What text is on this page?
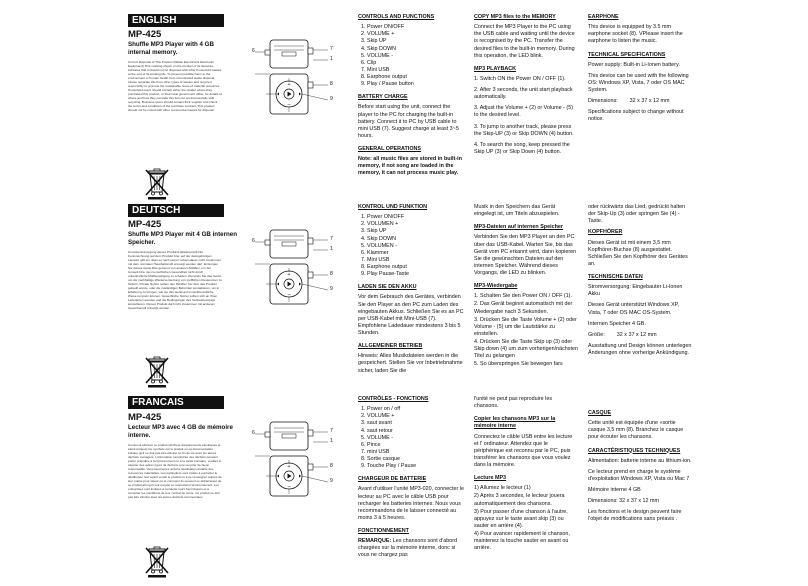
ENGLISH
MP-425
Shuffle MP3 Player with 4 GB internal memory.
Correct Disposal of This Product (Waste Electrical & Electronic Equipment) This marking shown on the product or its literature, indicates that it should not be disposed with other household wastes at the end of its working life. To prevent possible harm to the environment or human health from uncontrolled waste disposal, please separate this from other types of wastes and recycle it responsibly to promote the sustainable reuse of material resources. Household users should contact either the retailer where they purchased this product, or their local government office, for details of where and how they can take this item for environmentally safe recycling. Business users should contact their supplier and check the terms and conditions of the purchase contract. This product should not be mixed with other commercial wastes for disposal.
6	7
1
8
9
CONTROLS AND FUNCTIONS
1. Power ON/OFF
2. VOLUME +
3. Skip UP
4. Skip DOWN
5. VOLUME -
6. Clip
7. Mini USB
8. Earphone output
9. Play / Pause button
BATTERY CHARGE

Before start using the unit, connect the player to the PC for charging the built-in battery. Connect it to PC by USB cable to mini USB (7). Suggest charge at least 3~5 hours.

GENERAL OPERATIONS

Note: all music files are stored in built-in memory, if not song are loaded in the memory, it can not process music play.

COPY MP3 files to the MEMORY

Connect the MP3 Player to the PC using the USB cable and waiting until the device is recognised by the PC. Transfer the desired files to the built-in memory. During this operation, the LED blink.

MP3 PLAYBACK

1. Switch ON the Power ON / OFF (1).

2. After 3 seconds, the unit start playback automatically.

3. Adjust the Volume + (2) or Volume - (5) to the desired level.

3. To jump to another track, please press the Skip-UP (3) or Skip DOWN (4) button.

4. To search the song, keep pressed the Skip UP (3) or Skip Down (4) button.

EARPHONE

This device is equipped by 3.5 mm earphone socket (8). VPlease insert the earphone to listen the music.

TECHNICAL SPECIFICATIONS

Power supply: Built-in Li-Ionen battery.

This device can be used with the following OS: Windows XP, Vista, 7 oder OS MAC System.

Dimensions:        32 x 37 x 12 mm

Specifications subject to change without notice.

DEUTSCH
MP-425
Shuffle MP3 Player mit 4 GB internen Speicher.
Korrekte Entsorgung dieses Produkts (Elektromüll) Die Kennzeichnung auf dem Produkt bzw. auf der dazugehörigen Literatur gibt an, dass es nach seiner Lebensdauer nicht zusammen mit dem normalen Haushaltsmüll entsorgt werden darf. Entsorgen Sie dieses Gerät bitte getrennt von anderen Abfällen, um der Umwelt bzw. der menschlichen Gesundheit nicht durch unkontrollierte Müllbeseitigung zu schaden. Recyceln Sie das Gerät, um die nachhaltige Wiederverwertung von stofflichen Ressourcen zu fördern. Private Nutzer sollten den Händler, bei dem das Produkt gekauft wurde, oder die zuständigen Behörden kontaktieren, um in Erfahrung zu bringen, wie sie das Gerät auf umweltfreundliche Weise recyceln können. Gewerbliche Nutzer sollten sich an Ihren Lieferanten wenden und die Bedingungen des Verkaufsvertrags konsultieren. Dieses Produkt darf nicht zusammen mit anderem Gewerbemüll entsorgt werden.
6	7
1
8
9
KONTROL UND FUNKTION
1. Power ON/OFF
2. VOLUMEN +
3. Skip UP
4. Skip DOWN
5. VOLUMEN -
6. Klammer
7. Mini USB
8. Earphone output
9. Play Pause-Taste
LADEN SIE DEN AKKU

Vor dem Gebrauch des Gerätes, verbinden Sie den Player an den PC zum Laden des eingebauten Akkus. Schließen Sie es an PC per USB-Kabel mit Mini-USB (7). Empfohlene Ladedauer mindestens 3 bis 5 Stunden.

ALLGEMEINER BETRIEB

Hinweis: Alles Musikdateien werden in die gespeichert. Stellen Sie vor Inbetriebnahme sicher, laden Sie die

Musik in den Speichern das Gerät eingelegt ist, um Titeln abzuspielen.

MP3-Dateien auf internen Speicher

Verbinden Sie den MP3 Player an den PC über das USB-Kabel. Warten Sie, bis das Gerät vom PC erkannt wird, dann kopieren Sie die gewünschten Dateien auf den internen Speicher. Während dieses Vorgangs, die LED zu blinken.

MP3-Wiedergabe

1. Schalten Sie den Power ON / OFF (1).

2. Das Gerät beginnt automatisch mit der Wiedergabe nach 3 Sekunden.

3. Drücken Sie die Taste Volume + (2) oder Volume - (5) um die Lautstärke zu einstellen.

4. Drücken Sie die Taste Skip up (3) oder Skip down (4) um zum vorherigen/nächsten Titel zu gelangen

5. So überspringen Sie bewegen fars

oder rückwärts das Lied, gedrückt halten der Skip-Up (3) oder springen Sie (4) -Taste.

KOPFHÖRER

Dieses Gerät ist mit einem 3,5 mm Kopfhörer-Buchse (8) ausgestattet. Schließen Sie den Kopfhörer des Gerätes an.

TECHNISCHE DATEN

Stromversorgung: Eingebauter Li-Ionen Akku

Dieses Gerät unterstützt Windows XP, Vista, 7 oder OS MAC OS-System.

Internen Speicher 4 GB.

Größe:        32 x 37 x 12 mm

Ausstattung und Design können unterlegen Änderungen ohne vorherige Ankündigung.

FRANCAIS
MP-425
Lecteur MP3 avec 4 GB de mémoire interne.
Comment éliminer ce produit (déchets d'équipements électriques et électroniques) Ce symbole sur le produit ou sa documentation indique qu'il ne doit pas être éliminé en fin de vie avec les autres déchets ménagers. L'élimination incontrôlée des déchets pouvant porter préjudice à l'environnement ou à la santé humaine, veuillez le séparer des autres types de déchets et le recycler de façon responsable. Vous favoriserez ainsi la réutilisation durable des ressources matérielles. Les particuliers sont invités à contacter le distributeur leur ayant vendu le produit ou à se renseigner auprès de leur mairie pour savoir où et comment ils peuvent se débarrasser de ce produit afin qu'il soit recyclé en respectant l'environnement. Les entreprises sont invitées à contacter leurs fournisseurs et à consulter les conditions de leur contrat de vente. Ce produit ne doit pas être éliminé avec les autres déchets commerciaux.
6	7
1
8
9
CONTRÔLES - FONCTIONS
1. Power on / off
2. VOLUME +
3. saut avant
4. saut retour
5. VOLUME -
6. Pince
7. mini USB
8. Sortie casque
9. Touche Play / Pause
CHARGEUR DE BATTERIE

Avant d'utiliser l'unité MP3-020, connecter le lecteur au PC avec le câble USB pour recharger les batteries internes. Nous vous recommandons de le laisser connecté au moins 3 à 5 heures.

FONCTIONNEMENT

REMARQUE: Les chansons sont d'abord chargées sur la mémoire interne, donc si vous ne chargez pas

l'unité ne peut pas reproduire les chansons.

Copier les chansons MP3 sur la mémoire interne

Connectez le câble USB entre les lecture et l' ordinateur. Attendez que le périphérique est reconnu par le PC, puis transférer les chansons que vous voulez dans la mémoire.

Lecture MP3

1) Allumez le lecteur (1)

2) Après 3 secondes, le lecteur jouera automatiquement des chansons.

3) Pour passer d'une chanson à l'autre, appuyez sur le taste avant skip (3) ou sauter en arrière (4).

4) Pour avancer rapidement le chanson, maintenez la touche sauter en avant ou arrière.

CASQUE

Cette unité est équipée d'une «sortie casque 3,5 mm (8). Branchez le casque pour écouter les chansons.

CARACTÉRISTIQUES TECHNIQUES

Alimentation: batterie interne au lithium-ion.

Ce lecteur prend en charge le système d'exploitation Windows XP, Vista ou Mac 7

Mémoire interne 4 GB

Dimensions: 32 x 37 x 12 mm

Les fonctions et le design peuvent faire l'objet de modifications sans préavis .
